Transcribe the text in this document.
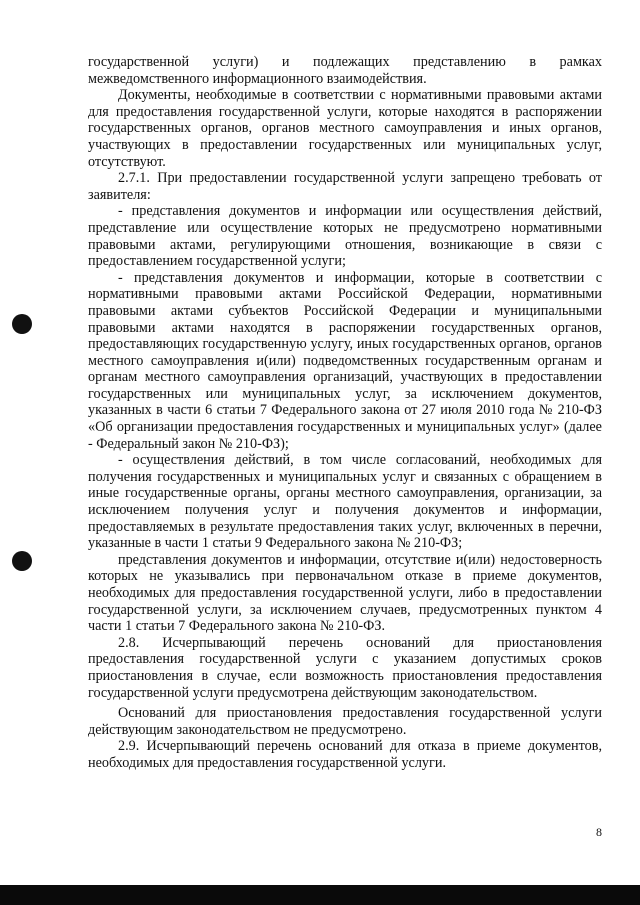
государственной услуги) и подлежащих представлению в рамках межведомственного информационного взаимодействия.

Документы, необходимые в соответствии с нормативными правовыми актами для предоставления государственной услуги, которые находятся в распоряжении государственных органов, органов местного самоуправления и иных органов, участвующих в предоставлении государственных или муниципальных услуг, отсутствуют.

2.7.1. При предоставлении государственной услуги запрещено требовать от заявителя:

- представления документов и информации или осуществления действий, представление или осуществление которых не предусмотрено нормативными правовыми актами, регулирующими отношения, возникающие в связи с предоставлением государственной услуги;

- представления документов и информации, которые в соответствии с нормативными правовыми актами Российской Федерации, нормативными правовыми актами субъектов Российской Федерации и муниципальными правовыми актами находятся в распоряжении государственных органов, предоставляющих государственную услугу, иных государственных органов, органов местного самоуправления и(или) подведомственных государственным органам и органам местного самоуправления организаций, участвующих в предоставлении государственных или муниципальных услуг, за исключением документов, указанных в части 6 статьи 7 Федерального закона от 27 июля 2010 года № 210-ФЗ «Об организации предоставления государственных и муниципальных услуг» (далее - Федеральный закон № 210-ФЗ);

- осуществления действий, в том числе согласований, необходимых для получения государственных и муниципальных услуг и связанных с обращением в иные государственные органы, органы местного самоуправления, организации, за исключением получения услуг и получения документов и информации, предоставляемых в результате предоставления таких услуг, включенных в перечни, указанные в части 1 статьи 9 Федерального закона № 210-ФЗ;

представления документов и информации, отсутствие и(или) недостоверность которых не указывались при первоначальном отказе в приеме документов, необходимых для предоставления государственной услуги, либо в предоставлении государственной услуги, за исключением случаев, предусмотренных пунктом 4 части 1 статьи 7 Федерального закона № 210-ФЗ.

2.8. Исчерпывающий перечень оснований для приостановления предоставления государственной услуги с указанием допустимых сроков приостановления в случае, если возможность приостановления предоставления государственной услуги предусмотрена действующим законодательством.

Оснований для приостановления предоставления государственной услуги действующим законодательством не предусмотрено.

2.9. Исчерпывающий перечень оснований для отказа в приеме документов, необходимых для предоставления государственной услуги.

8
